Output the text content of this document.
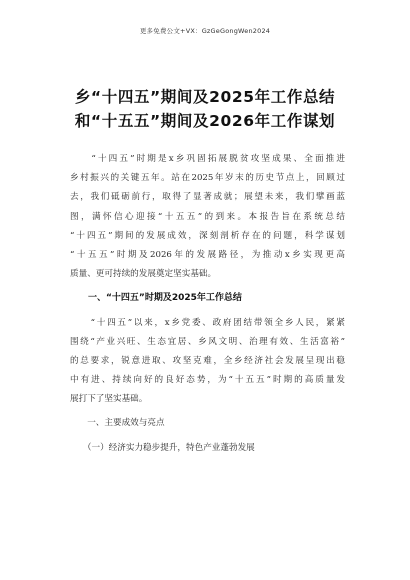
更多免费公文+VX：GzGeGongWen2024
乡“十四五”期间及2025年工作总结
和“十五五”期间及2026年工作谋划
　　“十四五”时期是x乡巩固拓展脱贫攻坚成果、全面推进
乡村振兴的关键五年。站在2025年岁末的历史节点上，回顾过
去，我们砥砺前行，取得了显著成就；展望未来，我们擘画蓝
图，满怀信心迎接“十五五”的到来。本报告旨在系统总结
“十四五”期间的发展成效，深刻剖析存在的问题，科学谋划
“十五五”时期及2026年的发展路径，为推动x乡实现更高
质量、更可持续的发展奠定坚实基础。
　　一、“十四五”时期及2025年工作总结
　　“十四五”以来，x乡党委、政府团结带领全乡人民，紧紧
围绕“产业兴旺、生态宜居、乡风文明、治理有效、生活富裕”
的总要求，锐意进取、攻坚克难，全乡经济社会发展呈现出稳
中有进、持续向好的良好态势，为“十五五”时期的高质量发
展打下了坚实基础。
　　一、主要成效与亮点
　　（一）经济实力稳步提升，特色产业蓬勃发展
